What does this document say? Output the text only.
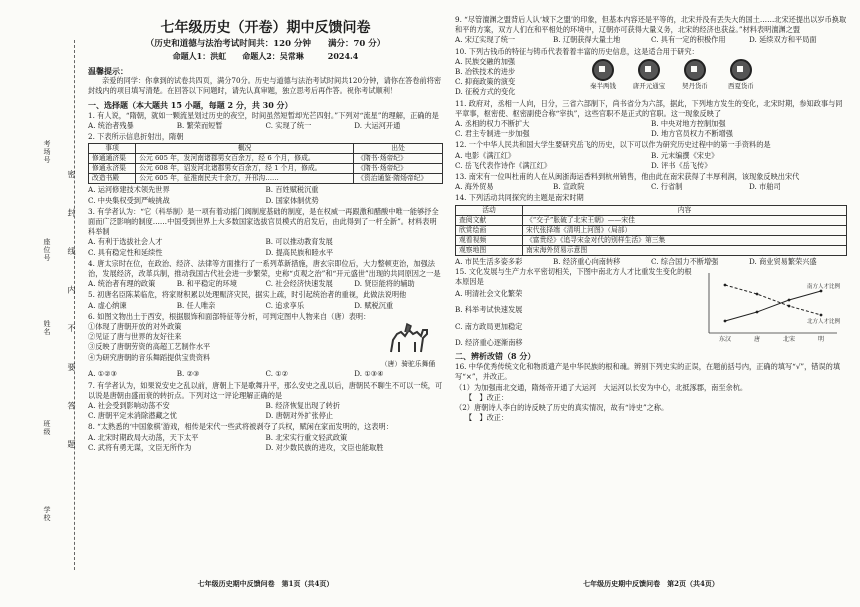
考场号
座位号
姓名
班级
学校
密 封 线 内 不 要 答 题
七年级历史（开卷）期中反馈问卷
（历史和道德与法治考试时间共：120 分钟　　满分：70 分）
命题人1：洪虹　　命题人2：吴常琳　　　2024.4
温馨提示：
亲爱的同学：你拿到的试卷共四页，满分70分。历史与道德与法治考试时间共120分钟，请你在答卷前将密封线内的项目填写清楚。在回答以下问题时，请先认真审题，独立思考后再作答。祝你考试顺利！
一、选择题（本大题共 15 小题，每题 2 分，共 30 分）
1. 有人说，“隋朝，就如一颗流星划过历史的夜空，时间虽然短暂却光芒四射。”下列对“流星”的理解，正确的是
A. 统治者残暴	B. 繁荣而短暂	C. 实现了统一	D. 大运河开通
2. 下表所示信息折射出，隋朝
事项	概况	出处
修通通济渠	公元 605 年，发河南诸郡男女百余万，经 6 个月，修成。	《隋书·炀帝纪》
修通永济渠	公元 608 年，诏发河北诸郡男女百余万，经 1 个月，修成。	《隋书·炀帝纪》
改造书殿	公元 605 年，征淮南民夫十余万，开邗沟……	《资治通鉴·隋炀帝纪》
A. 运河修建技术领先世界	B. 百姓赋税沉重
C. 中央集权受到严峻挑战	D. 国家体制优势
3. 有学者认为：“它（科举制）是一项有着动摇门阀制度基础的制度，是在权威一再跟激和醋酸中唯一能够抒全面而广泛影响的制度……中国受到世界上大多数国家选拔官员模式的启发后，由此得到了一杆全新”。材料表明科举制
A. 有利于选拔社会人才	B. 可以推动教育发展
C. 具有稳定性和延续性	D. 提高民族和睦水平
4. 唐太宗时在位，在政治、经济、法律等方面推行了一系列革新措施，唐玄宗即位后，大力整顿吏治，加强法治，发展经济，改革兵制，推动我国古代社会进一步繁荣，史称“贞观之治”和“开元盛世”出现的共同原因之一是
A. 统治者有理的政策	B. 和平稳定的环境	C. 社会经济快速发展	D. 贤臣能将的辅助
5. 初唐名臣陈某临危，将家财积累以处理赈济灾民，据实上疏，时引起统治者的重视，此做法说明他
A. 虚心纳谏	B. 任人唯亲	C. 追求享乐	D. 赋税沉重
6. 如图文物出土于西安，根据服饰和面部特征等分析，可判定图中人物来自（唐）表明：
①体现了唐朝开放的对外政策
②见证了唐与世界的友好往来
③反映了唐朝劳资的高超工艺制作水平
④为研究唐朝的音乐舞蹈提供宝贵资料
（唐）骑驼乐舞俑
A. ①②③	B. ②③	C. ①②	D. ①③④
7. 有学者认为，如果说安史之乱以前，唐朝上下是歌舞升平，那么安史之乱以后，唐朝民不聊生不可以一统，可以说是唐朝由盛而衰的转折点。下列对这一评论理解正确的是
A. 社会受到影响动荡不安	B. 经济恢复出现了转折
C. 唐朝平定未消除潜藏之忧	D. 唐朝对外扩张停止
8. “太熟悉的‘中国象棋’游戏，相传是宋代一些武将被剥夺了兵权，赋闲在家而发明的，这表明：
A. 北宋时期政局大动荡，天下太平	B. 北宋实行重文轻武政策
C. 武将有勇无谋，文臣无所作为	D. 对少数民族的进攻，文臣也能取胜
七年级历史期中反馈问卷　第1页（共4页）
9. “尽管澶渊之盟背后人认‘城下之盟’的印象，但基本内容还是平等的，北宋并没有丢失大的国土……北宋还提出以岁币换取和平的方案，双方人们在和平相处的环境中，辽朝亦可获得大量义务，北宋的经济也获益。”材料表明澶渊之盟
A. 宋辽实现了统一	B. 辽朝获得大量土地	C. 具有一定的积极作用	D. 延续双方和平局面
10. 下列古钱币的特征与铸币代表着着丰富的历史信息，这是适合用于研究：
A. 民族交融的加强
B. 冶铁技术的进步
C. 抑商政策的演变
D. 征税方式的变化
秦半两钱	唐开元通宝	契丹货币	西夏货币
11. 政府对，丞相一人向，日分，三省六部制下，尚书省分为六部，据此，下列地方发生的变化，北宋时期，参知政事与同平章事，枢密使、枢密副使合称“宰执”，这些官职不是正式的官职。这一现象反映了
A. 丞相的权力不断扩大	B. 中央对地方控制加强
C. 君主专制进一步加强	D. 地方官员权力不断增强
12. 一个中华人民共和国大学生要研究岳飞的历史，以下可以作为研究历史过程中的第一手资料的是
A. 电影《满江红》	B. 元末编撰《宋史》
C. 岳飞代表作诗作《满江红》	D. 评书《岳飞传》
13. 南宋有一位叫杜甫的人在从闽浙海运香料到杭州销售，他由此在南宋获得了丰厚利润，该现象反映出宋代
A. 海外贸易	B. 宣政院	C. 行省制	D. 市舶司
14. 下列活动共同探究的主题是南宋时期
活动	内容
查阅文献	《“交子”胀破了北宋王朝》——宋佳
欣赏绘画	宋代张择端《清明上河图》（局部）
观看视频	《富贵经》《追寻宋金对代的别样生活》第三集
观察地图	南宋海外贸易示意图
A. 市民生活多姿多彩	B. 经济重心向南转移	C. 综合国力不断增强	D. 商业贸易繁荣兴盛
15. 文化发展与生产力水平密切相关，下图中南北方人才比重发生变化的根本原因是
A. 明清社会文化繁荣
B. 科举考试快速发展
C. 南方政局更加稳定
D. 经济重心逐渐南移
南方人才比例
北方人才比例
东汉	唐	北宋	明
二、辨析改错（8 分）
16. 中华优秀传统文化和物质遗产是中华民族的根和魂。辨别下列史实的正误，在题前括号内，正确的填写“√”，错误的填写“×”，并改正。
（1）为加强南北交通，隋炀帝开通了大运河　大运河以长安为中心，北抵涿郡，南至余杭。
【　】改正：
（2）唐朝诗人李白的诗反映了历史的真实情况，故有“诗史”之称。
【　】改正：
七年级历史期中反馈问卷　第2页（共4页）
